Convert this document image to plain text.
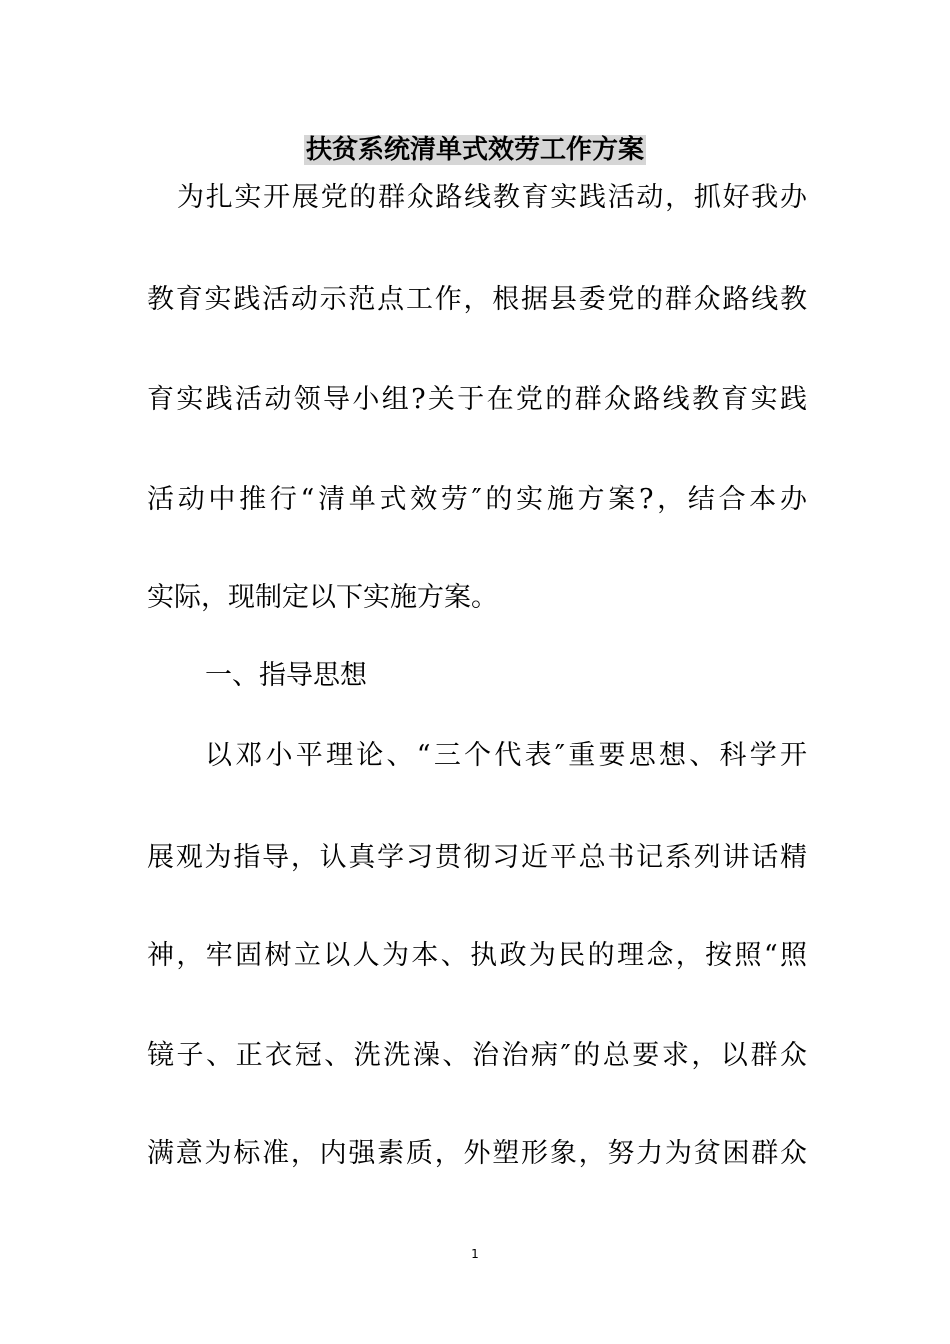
扶贫系统清单式效劳工作方案
为扎实开展党的群众路线教育实践活动，抓好我办
教育实践活动示范点工作，根据县委党的群众路线教
育实践活动领导小组?关于在党的群众路线教育实践
活动中推行“清单式效劳″的实施方案?，结合本办
实际，现制定以下实施方案。
一、指导思想
以邓小平理论、“三个代表″重要思想、科学开
展观为指导，认真学习贯彻习近平总书记系列讲话精
神，牢固树立以人为本、执政为民的理念，按照“照
镜子、正衣冠、洗洗澡、治治病″的总要求，以群众
满意为标准，内强素质，外塑形象，努力为贫困群众
1
